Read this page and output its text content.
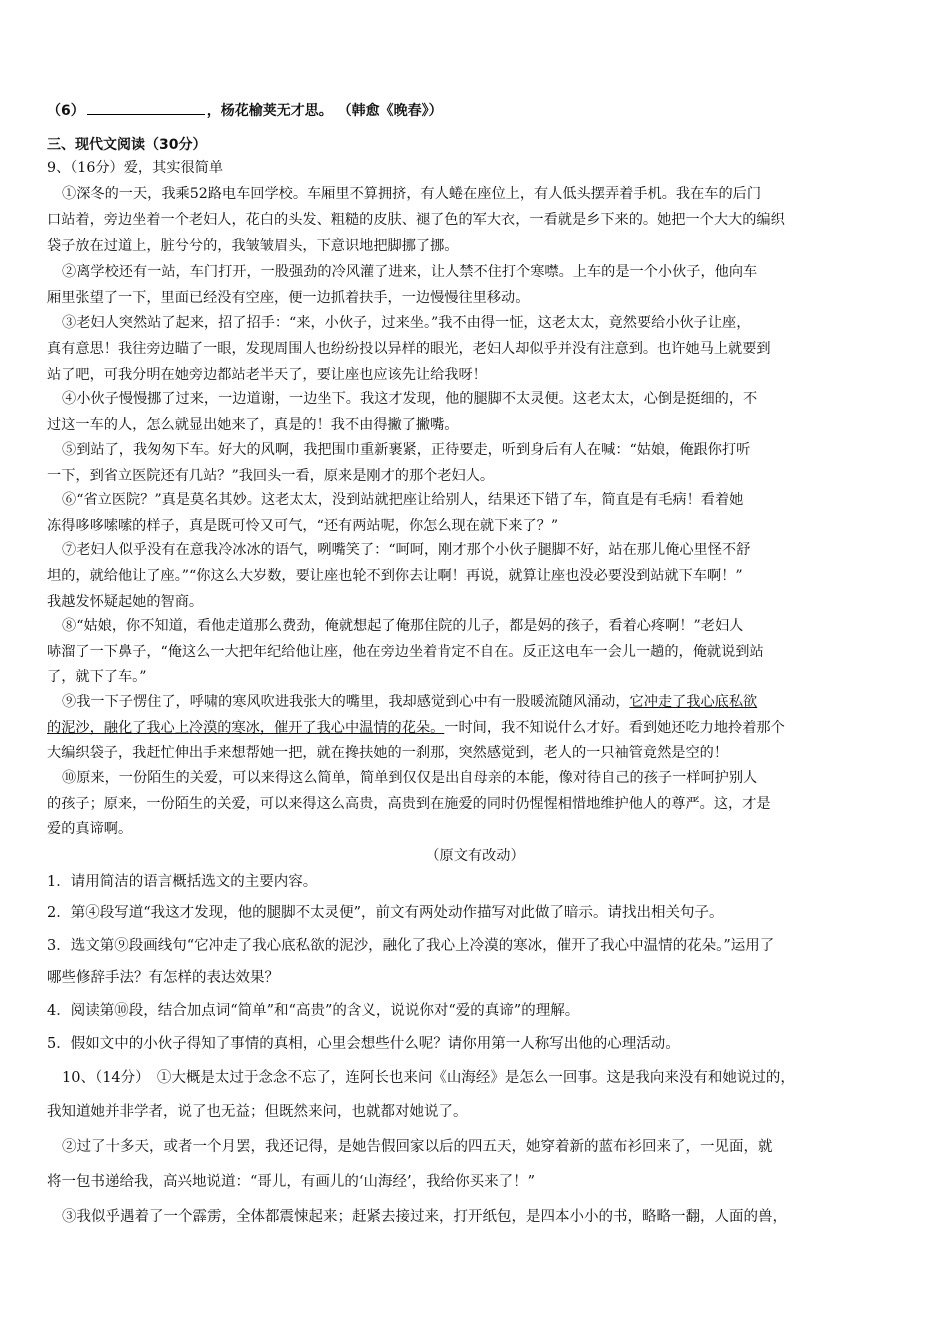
（6）	，杨花榆荚无才思。 （韩愈《晚春》）
三、现代文阅读（30分）
9、（16分）爱，其实很简单
①深冬的一天，我乘52路电车回学校。车厢里不算拥挤，有人蜷在座位上，有人低头摆弄着手机。我在车的后门
口站着，旁边坐着一个老妇人，花白的头发、粗糙的皮肤、褪了色的军大衣，一看就是乡下来的。她把一个大大的编织
袋子放在过道上，脏兮兮的，我皱皱眉头，下意识地把脚挪了挪。
②离学校还有一站，车门打开，一股强劲的冷风灌了进来，让人禁不住打个寒噤。上车的是一个小伙子，他向车
厢里张望了一下，里面已经没有空座，便一边抓着扶手，一边慢慢往里移动。
③老妇人突然站了起来，招了招手：“来，小伙子，过来坐。”我不由得一怔，这老太太，竟然要给小伙子让座，
真有意思！我往旁边瞄了一眼，发现周围人也纷纷投以异样的眼光，老妇人却似乎并没有注意到。也许她马上就要到
站了吧，可我分明在她旁边都站老半天了，要让座也应该先让给我呀！
④小伙子慢慢挪了过来，一边道谢，一边坐下。我这才发现，他的腿脚不太灵便。这老太太，心倒是挺细的，不
过这一车的人，怎么就显出她来了，真是的！我不由得撇了撇嘴。
⑤到站了，我匆匆下车。好大的风啊，我把围巾重新裹紧，正待要走，听到身后有人在喊：“姑娘，俺跟你打听
一下，到省立医院还有几站？”我回头一看，原来是刚才的那个老妇人。
⑥“省立医院？”真是莫名其妙。这老太太，没到站就把座让给别人，结果还下错了车，简直是有毛病！看着她
冻得哆哆嗦嗦的样子，真是既可怜又可气，“还有两站呢，你怎么现在就下来了？”
⑦老妇人似乎没有在意我冷冰冰的语气，咧嘴笑了：“呵呵，刚才那个小伙子腿脚不好，站在那儿俺心里怪不舒
坦的，就给他让了座。”“你这么大岁数，要让座也轮不到你去让啊！再说，就算让座也没必要没到站就下车啊！”
我越发怀疑起她的智商。
⑧“姑娘，你不知道，看他走道那么费劲，俺就想起了俺那住院的儿子，都是妈的孩子，看着心疼啊！”老妇人
哧溜了一下鼻子，“俺这么一大把年纪给他让座，他在旁边坐着肯定不自在。反正这电车一会儿一趟的，俺就说到站
了，就下了车。”
⑨我一下子愣住了，呼啸的寒风吹进我张大的嘴里，我却感觉到心中有一股暖流随风涌动，它冲走了我心底私欲
的泥沙，融化了我心上冷漠的寒冰，催开了我心中温情的花朵。一时间，我不知说什么才好。看到她还吃力地拎着那个
大编织袋子，我赶忙伸出手来想帮她一把，就在搀扶她的一刹那，突然感觉到，老人的一只袖管竟然是空的！
⑩原来，一份陌生的关爱，可以来得这么简单，简单到仅仅是出自母亲的本能，像对待自己的孩子一样呵护别人
的孩子；原来，一份陌生的关爱，可以来得这么高贵，高贵到在施爱的同时仍惺惺相惜地维护他人的尊严。这，才是
爱的真谛啊。
（原文有改动）
1．请用简洁的语言概括选文的主要内容。
2．第④段写道“我这才发现，他的腿脚不太灵便”，前文有两处动作描写对此做了暗示。请找出相关句子。
3．选文第⑨段画线句“它冲走了我心底私欲的泥沙，融化了我心上冷漠的寒冰，催开了我心中温情的花朵。”运用了
哪些修辞手法？有怎样的表达效果？
4．阅读第⑩段，结合加点词“简单”和“高贵”的含义，说说你对“爱的真谛”的理解。
5．假如文中的小伙子得知了事情的真相，心里会想些什么呢？请你用第一人称写出他的心理活动。
10、（14分）　①大概是太过于念念不忘了，连阿长也来问《山海经》是怎么一回事。这是我向来没有和她说过的，
我知道她并非学者，说了也无益；但既然来问，也就都对她说了。
②过了十多天，或者一个月罢，我还记得，是她告假回家以后的四五天，她穿着新的蓝布衫回来了，一见面，就
将一包书递给我，高兴地说道：“哥儿，有画儿的‘山海经’，我给你买来了！”
③我似乎遇着了一个霹雳，全体都震悚起来；赶紧去接过来，打开纸包，是四本小小的书，略略一翻，人面的兽，
